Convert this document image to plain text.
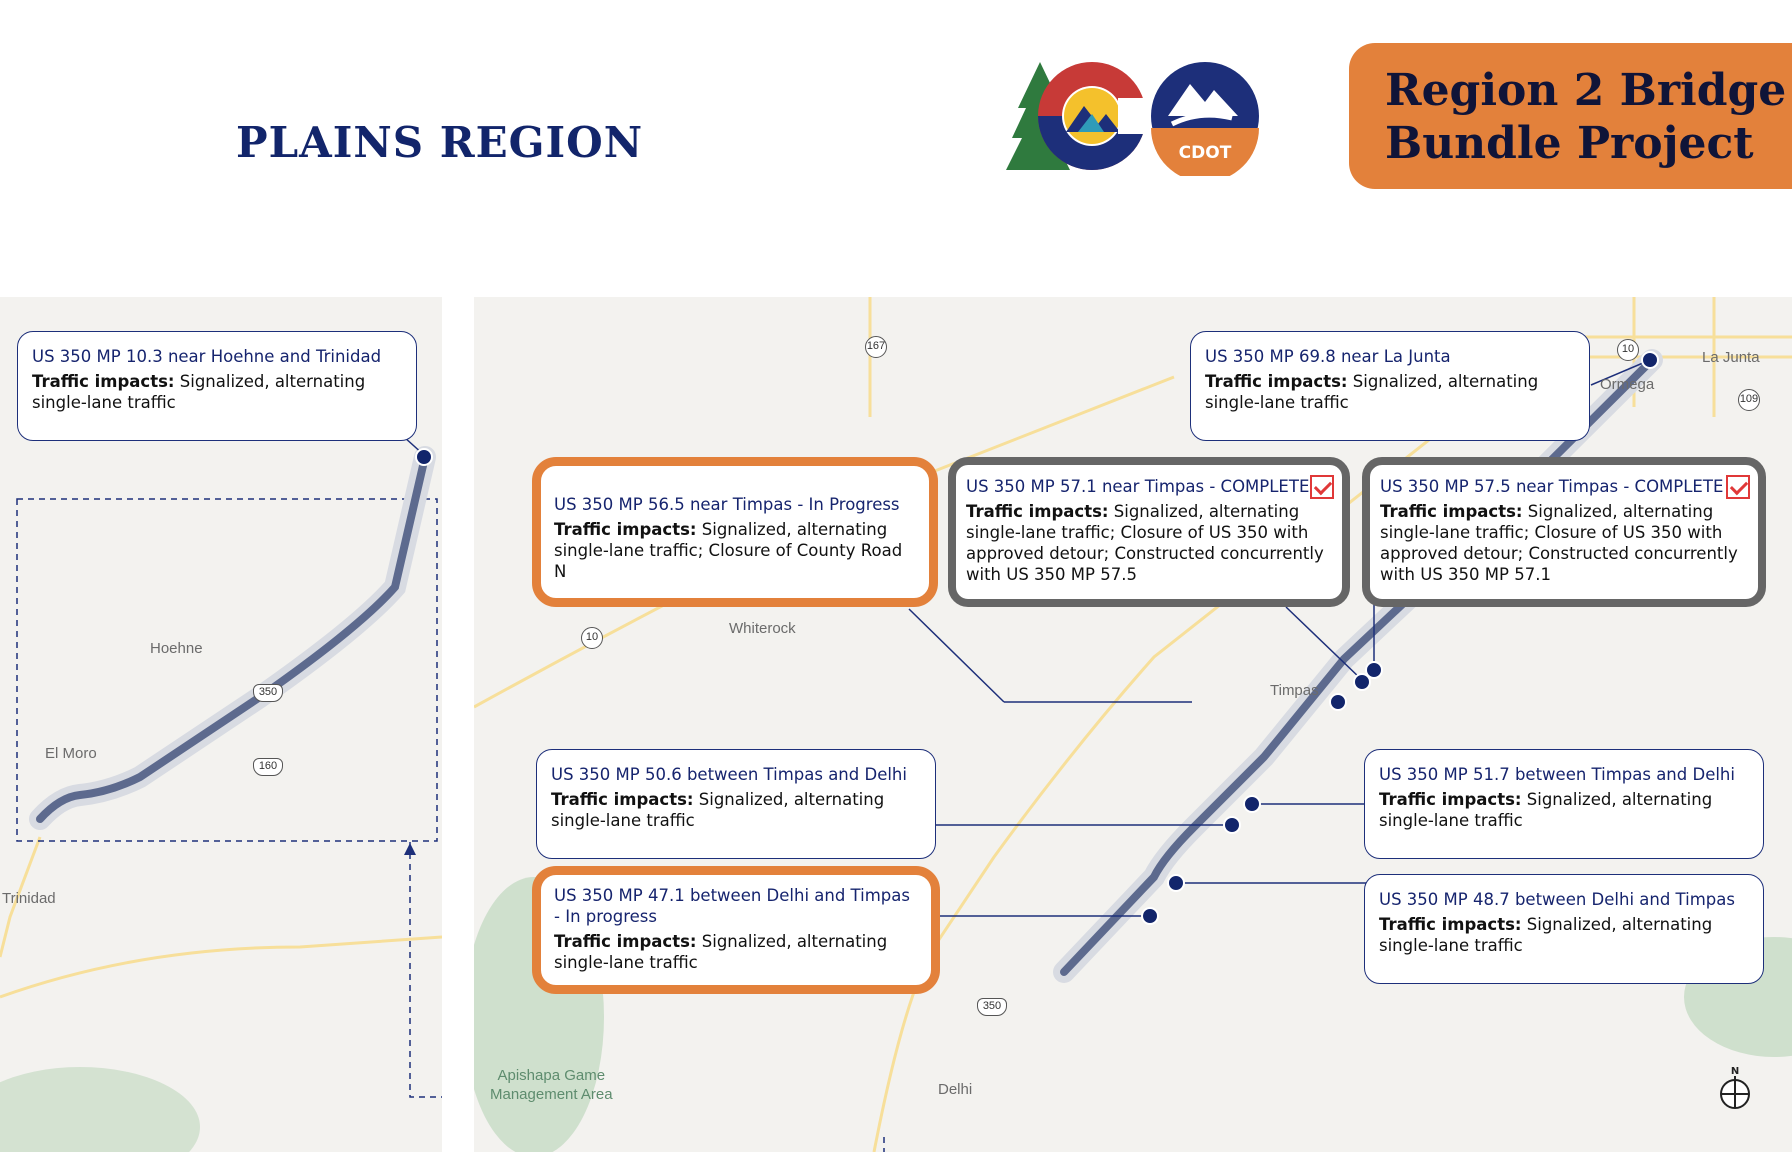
PLAINS REGION	CDOT
Region 2 Bridge
Bundle Project
Hoehne
El Moro
Trinidad
350
160
Whiterock
Timpas
Ormega
La Junta
Delhi
Apishapa Game
Management Area
167
10
10
109
350
US 350 MP 10.3 near Hoehne and Trinidad
Traffic impacts: Signalized, alternating single-lane traffic
US 350 MP 69.8 near La Junta
Traffic impacts: Signalized, alternating single-lane traffic
US 350 MP 56.5 near Timpas - In Progress
Traffic impacts: Signalized, alternating single-lane traffic; Closure of County Road N
US 350 MP 57.1 near Timpas - COMPLETE
Traffic impacts: Signalized, alternating single-lane traffic; Closure of US 350 with approved detour; Constructed concurrently with US 350 MP 57.5
US 350 MP 57.5 near Timpas - COMPLETE
Traffic impacts: Signalized, alternating single-lane traffic; Closure of US 350 with approved detour; Constructed concurrently with US 350 MP 57.1
US 350 MP 50.6 between Timpas and Delhi
Traffic impacts: Signalized, alternating single-lane traffic
US 350 MP 51.7 between Timpas and Delhi
Traffic impacts: Signalized, alternating single-lane traffic
US 350 MP 47.1 between Delhi and Timpas - In progress
Traffic impacts: Signalized, alternating single-lane traffic
US 350 MP 48.7 between Delhi and Timpas
Traffic impacts: Signalized, alternating single-lane traffic
N
